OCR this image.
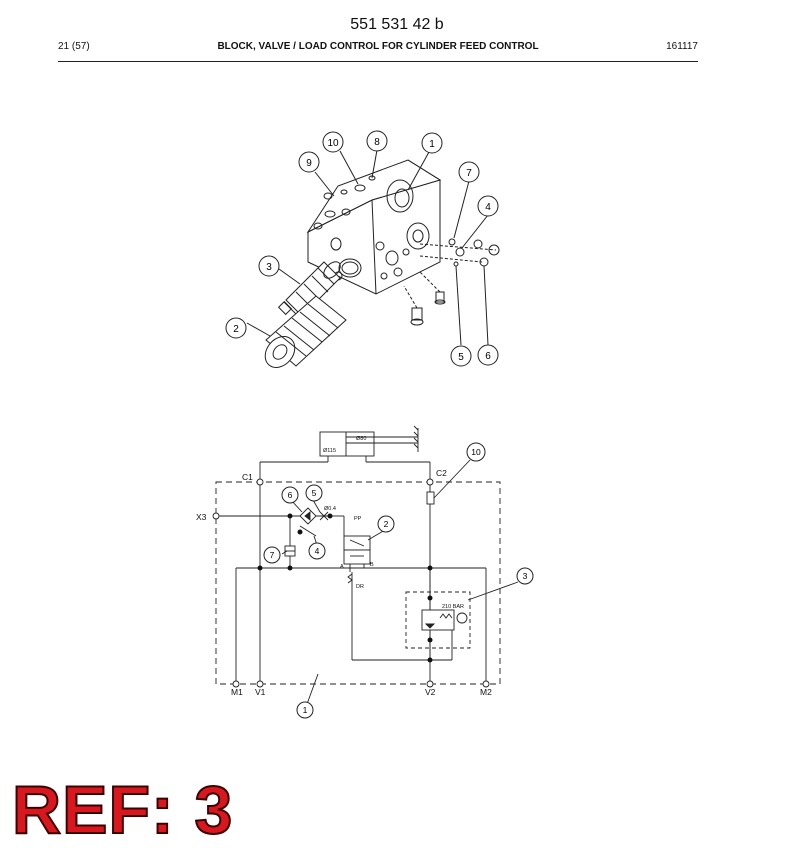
551 531 42 b
21 (57)	BLOCK, VALVE / LOAD CONTROL FOR CYLINDER FEED CONTROL	161117
10	8	1
9
7
4
3
2
5 6
C1	C2
X3
M1 V1	V2	M2
Ø80
Ø115
Ø0.4
210 BAR
PP
A	B
DR
10
6 5
2
7	4
3
1
REF: 3
